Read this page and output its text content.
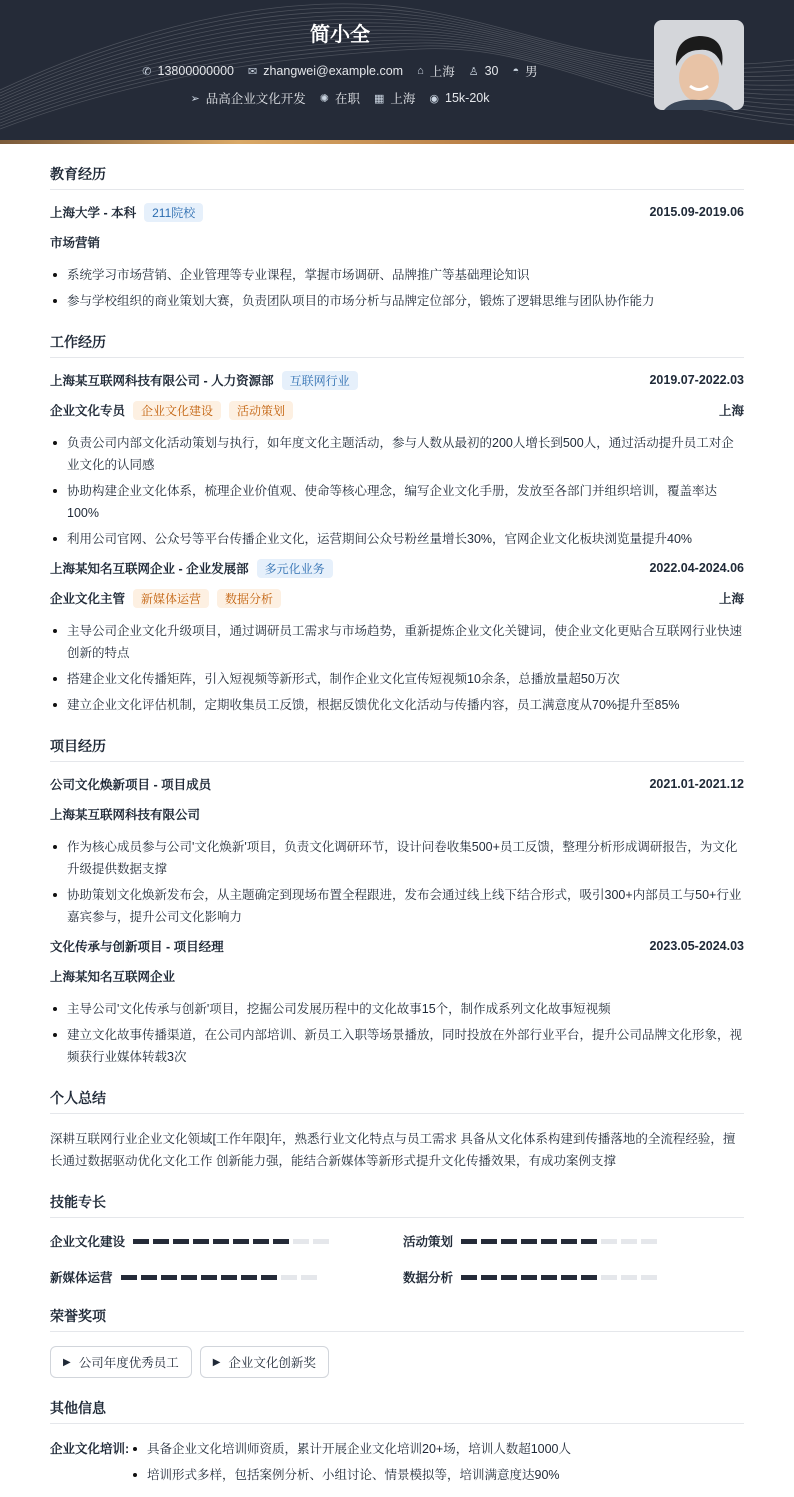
简小全
✆ 13800000000 ✉ zhangwei@example.com ⌂ 上海 ♙ 30 ◓ 男
➢ 品高企业文化开发 ✺ 在职 ▦ 上海 ◉ 15k-20k
教育经历
上海大学 - 本科	211院校	2015.09-2019.06
市场营销
系统学习市场营销、企业管理等专业课程，掌握市场调研、品牌推广等基础理论知识
参与学校组织的商业策划大赛，负责团队项目的市场分析与品牌定位部分，锻炼了逻辑思维与团队协作能力
工作经历
上海某互联网科技有限公司 - 人力资源部	互联网行业	2019.07-2022.03
企业文化专员	企业文化建设	活动策划	上海
负责公司内部文化活动策划与执行，如年度文化主题活动，参与人数从最初的200人增长到500人，通过活动提升员工对企业文化的认同感
协助构建企业文化体系，梳理企业价值观、使命等核心理念，编写企业文化手册，发放至各部门并组织培训，覆盖率达100%
利用公司官网、公众号等平台传播企业文化，运营期间公众号粉丝量增长30%，官网企业文化板块浏览量提升40%
上海某知名互联网企业 - 企业发展部	多元化业务	2022.04-2024.06
企业文化主管	新媒体运营	数据分析	上海
主导公司企业文化升级项目，通过调研员工需求与市场趋势，重新提炼企业文化关键词，使企业文化更贴合互联网行业快速创新的特点
搭建企业文化传播矩阵，引入短视频等新形式，制作企业文化宣传短视频10余条，总播放量超50万次
建立企业文化评估机制，定期收集员工反馈，根据反馈优化文化活动与传播内容，员工满意度从70%提升至85%
项目经历
公司文化焕新项目 - 项目成员	2021.01-2021.12
上海某互联网科技有限公司
作为核心成员参与公司'文化焕新'项目，负责文化调研环节，设计问卷收集500+员工反馈，整理分析形成调研报告，为文化升级提供数据支撑
协助策划文化焕新发布会，从主题确定到现场布置全程跟进，发布会通过线上线下结合形式，吸引300+内部员工与50+行业嘉宾参与，提升公司文化影响力
文化传承与创新项目 - 项目经理	2023.05-2024.03
上海某知名互联网企业
主导公司'文化传承与创新'项目，挖掘公司发展历程中的文化故事15个，制作成系列文化故事短视频
建立文化故事传播渠道，在公司内部培训、新员工入职等场景播放，同时投放在外部行业平台，提升公司品牌文化形象，视频获行业媒体转载3次
个人总结
深耕互联网行业企业文化领域[工作年限]年，熟悉行业文化特点与员工需求 具备从文化体系构建到传播落地的全流程经验，擅长通过数据驱动优化文化工作 创新能力强，能结合新媒体等新形式提升文化传播效果，有成功案例支撑
技能专长
企业文化建设	活动策划
新媒体运营	数据分析
荣誉奖项
▶ 公司年度优秀员工	▶ 企业文化创新奖
其他信息
企业文化培训:	具备企业文化培训师资质，累计开展企业文化培训20+场，培训人数超1000人
培训形式多样，包括案例分析、小组讨论、情景模拟等，培训满意度达90%
